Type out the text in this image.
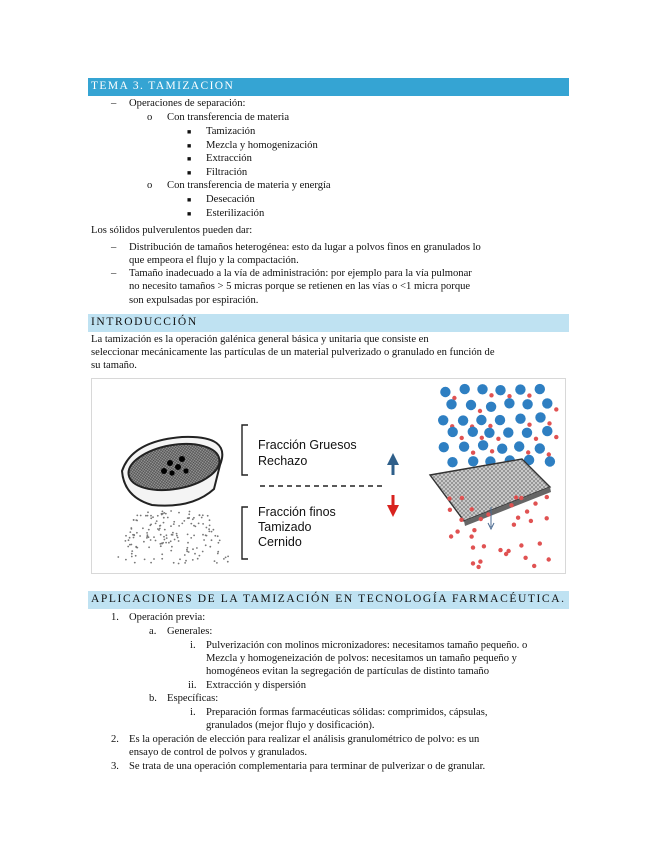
TEMA 3. TAMIZACION
– Operaciones de separación:
o Con transferencia de materia
■ Tamización
■ Mezcla y homogenización
■ Extracción
■ Filtración
o Con transferencia de materia y energía
■ Desecación
■ Esterilización
Los sólidos pulverulentos pueden dar:
– Distribución de tamaños heterogénea: esto da lugar a polvos finos en granulados lo
que empeora el flujo y la compactación.
– Tamaño inadecuado a la vía de administración: por ejemplo para la vía pulmonar
no necesito tamaños > 5 micras porque se retienen en las vías o <1 micra porque
son expulsadas por espiración.
INTRODUCCIÓN
La tamización es la operación galénica general básica y unitaria que consiste en
seleccionar mecánicamente las partículas de un material pulverizado o granulado en función de
su tamaño.
Fracción Gruesos
Rechazo
Fracción finos
Tamizado
Cernido
APLICACIONES DE LA TAMIZACIÓN EN TECNOLOGÍA FARMACÉUTICA.
1. Operación previa:
a. Generales:
i. Pulverización con molinos micronizadores: necesitamos tamaño pequeño. o
Mezcla y homogeneización de polvos: necesitamos un tamaño pequeño y
homogéneos evitan la segregación de partículas de distinto tamaño
ii. Extracción y dispersión
b. Específicas:
i. Preparación formas farmacéuticas sólidas: comprimidos, cápsulas,
granulados (mejor flujo y dosificación).
2. Es la operación de elección para realizar el análisis granulométrico de polvo: es un
ensayo de control de polvos y granulados.
3. Se trata de una operación complementaria para terminar de pulverizar o de granular.
